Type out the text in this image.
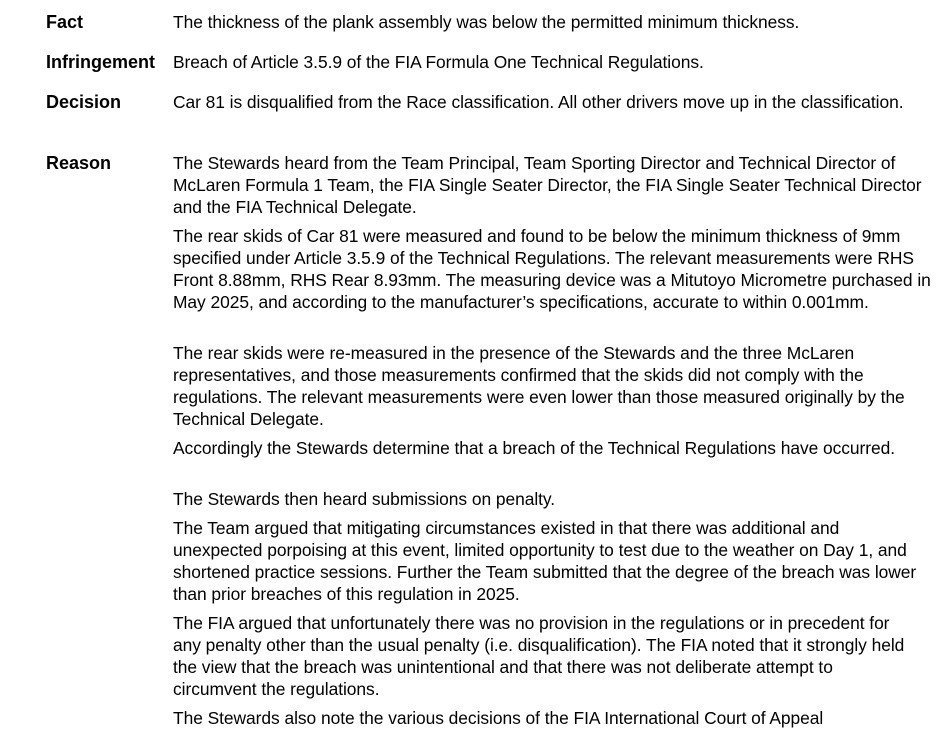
Fact	The thickness of the plank assembly was below the permitted minimum thickness.
Infringement Breach of Article 3.5.9 of the FIA Formula One Technical Regulations.
Decision	Car 81 is disqualified from the Race classification. All other drivers move up in the classification.
Reason	The Stewards heard from the Team Principal, Team Sporting Director and Technical Director of McLaren Formula 1 Team, the FIA Single Seater Director, the FIA Single Seater Technical Director and the FIA Technical Delegate.
The rear skids of Car 81 were measured and found to be below the minimum thickness of 9mm specified under Article 3.5.9 of the Technical Regulations. The relevant measurements were RHS Front 8.88mm, RHS Rear 8.93mm. The measuring device was a Mitutoyo Micrometre purchased in May 2025, and according to the manufacturer’s specifications, accurate to within 0.001mm.
The rear skids were re-measured in the presence of the Stewards and the three McLaren representatives, and those measurements confirmed that the skids did not comply with the regulations. The relevant measurements were even lower than those measured originally by the Technical Delegate.
Accordingly the Stewards determine that a breach of the Technical Regulations have occurred.
The Stewards then heard submissions on penalty.
The Team argued that mitigating circumstances existed in that there was additional and unexpected porpoising at this event, limited opportunity to test due to the weather on Day 1, and shortened practice sessions. Further the Team submitted that the degree of the breach was lower than prior breaches of this regulation in 2025.
The FIA argued that unfortunately there was no provision in the regulations or in precedent for any penalty other than the usual penalty (i.e. disqualification). The FIA noted that it strongly held the view that the breach was unintentional and that there was not deliberate attempt to circumvent the regulations.
The Stewards also note the various decisions of the FIA International Court of Appeal
